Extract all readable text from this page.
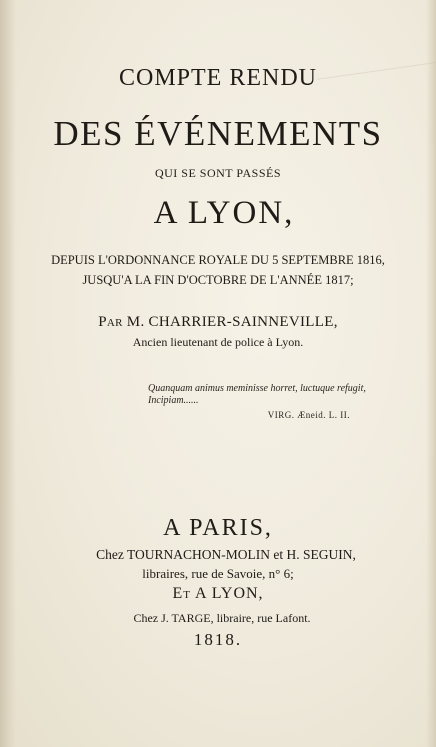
COMPTE RENDU
DES ÉVÉNEMENTS
QUI SE SONT PASSÉS
A LYON,
DEPUIS L'ORDONNANCE ROYALE DU 5 SEPTEMBRE 1816,
JUSQU'A LA FIN D'OCTOBRE DE L'ANNÉE 1817;
Par M. CHARRIER-SAINNEVILLE,
Ancien lieutenant de police à Lyon.
Quanquam animus meminisse horret, luctuque refugit,
Incipiam......
VIRG. Æneid. L. II.
A PARIS,
Chez TOURNACHON-MOLIN et H. SEGUIN,
libraires, rue de Savoie, n° 6;
Et A LYON,
Chez J. TARGE, libraire, rue Lafont.
1818.
